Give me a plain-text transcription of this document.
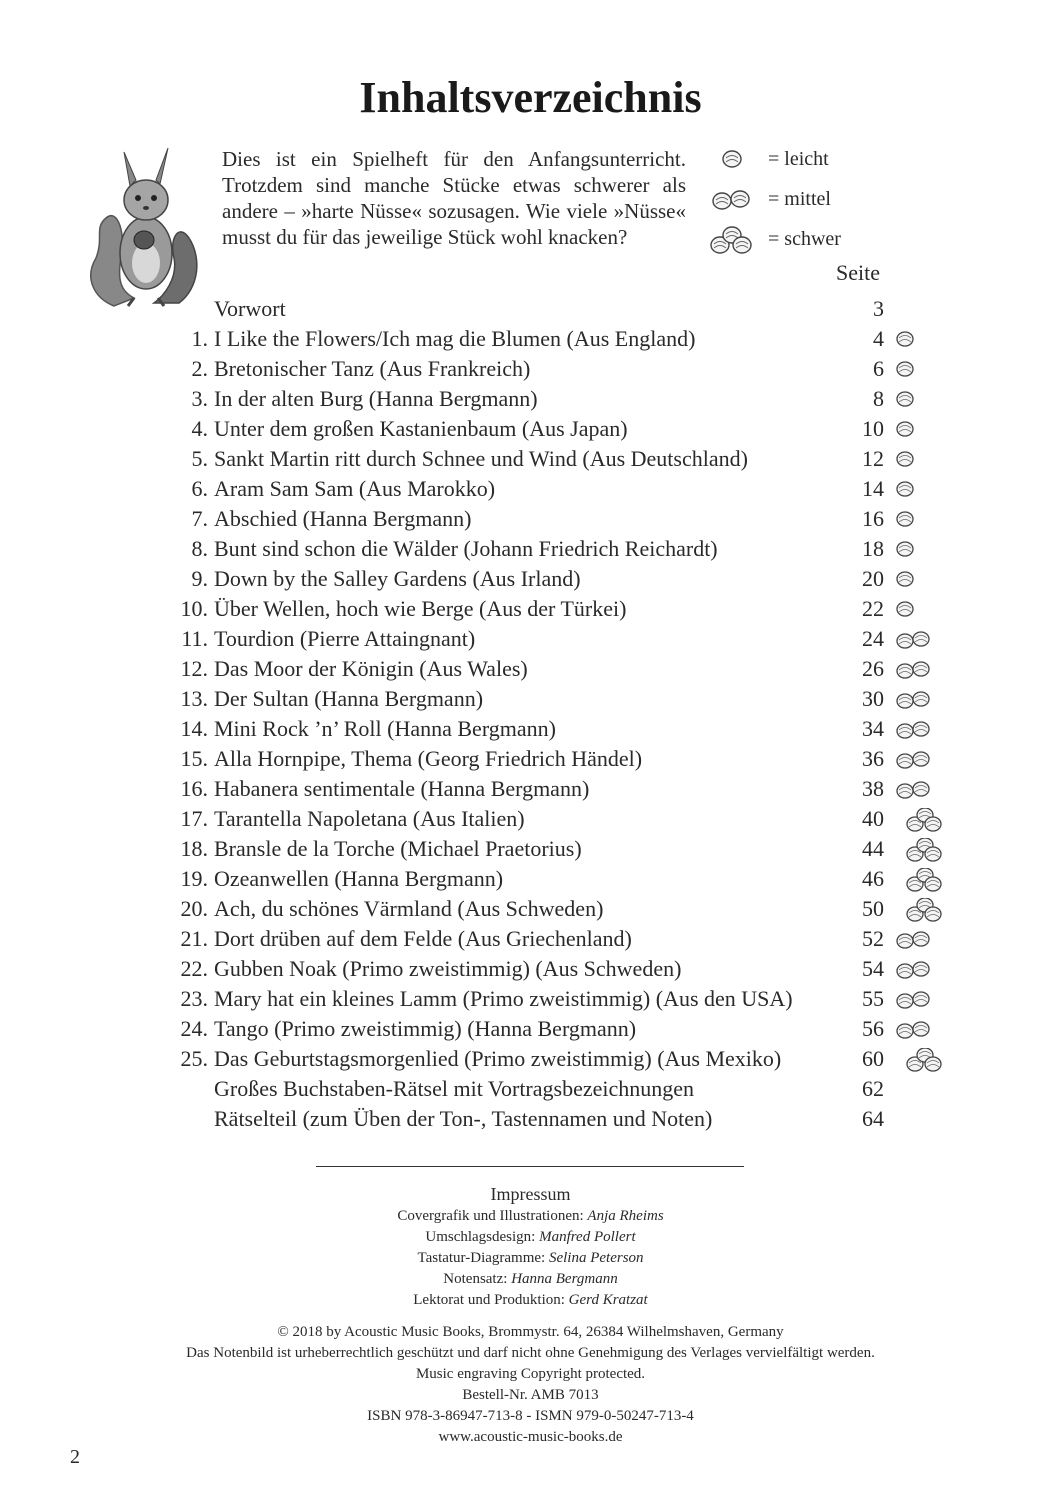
Inhaltsverzeichnis
Dies ist ein Spielheft für den Anfangsunterricht. Trotzdem sind manche Stücke etwas schwerer als andere – »harte Nüsse« sozusagen. Wie viele »Nüsse« musst du für das jeweilige Stück wohl knacken?
= leicht
= mittel
= schwer
Seite
Vorwort	3
1. I Like the Flowers/Ich mag die Blumen (Aus England)	4
2. Bretonischer Tanz (Aus Frankreich)	6
3. In der alten Burg (Hanna Bergmann)	8
4. Unter dem großen Kastanienbaum (Aus Japan)	10
5. Sankt Martin ritt durch Schnee und Wind (Aus Deutschland)	12
6. Aram Sam Sam (Aus Marokko)	14
7. Abschied (Hanna Bergmann)	16
8. Bunt sind schon die Wälder (Johann Friedrich Reichardt)	18
9. Down by the Salley Gardens (Aus Irland)	20
10. Über Wellen, hoch wie Berge (Aus der Türkei)	22
11. Tourdion (Pierre Attaingnant)	24
12. Das Moor der Königin (Aus Wales)	26
13. Der Sultan (Hanna Bergmann)	30
14. Mini Rock ’n’ Roll (Hanna Bergmann)	34
15. Alla Hornpipe, Thema (Georg Friedrich Händel)	36
16. Habanera sentimentale (Hanna Bergmann)	38
17. Tarantella Napoletana (Aus Italien)	40
18. Bransle de la Torche (Michael Praetorius)	44
19. Ozeanwellen (Hanna Bergmann)	46
20. Ach, du schönes Värmland (Aus Schweden)	50
21. Dort drüben auf dem Felde (Aus Griechenland)	52
22. Gubben Noak (Primo zweistimmig) (Aus Schweden)	54
23. Mary hat ein kleines Lamm (Primo zweistimmig) (Aus den USA)	55
24. Tango (Primo zweistimmig) (Hanna Bergmann)	56
25. Das Geburtstagsmorgenlied (Primo zweistimmig) (Aus Mexiko)	60
Großes Buchstaben-Rätsel mit Vortragsbezeichnungen	62
Rätselteil (zum Üben der Ton-, Tastennamen und Noten)	64
Impressum
Covergrafik und Illustrationen: Anja Rheims
Umschlagsdesign: Manfred Pollert
Tastatur-Diagramme: Selina Peterson
Notensatz: Hanna Bergmann
Lektorat und Produktion: Gerd Kratzat
© 2018 by Acoustic Music Books, Brommystr. 64, 26384 Wilhelmshaven, Germany
Das Notenbild ist urheberrechtlich geschützt und darf nicht ohne Genehmigung des Verlages vervielfältigt werden.
Music engraving Copyright protected.
Bestell-Nr. AMB 7013
ISBN 978-3-86947-713-8 - ISMN 979-0-50247-713-4
www.acoustic-music-books.de
2
